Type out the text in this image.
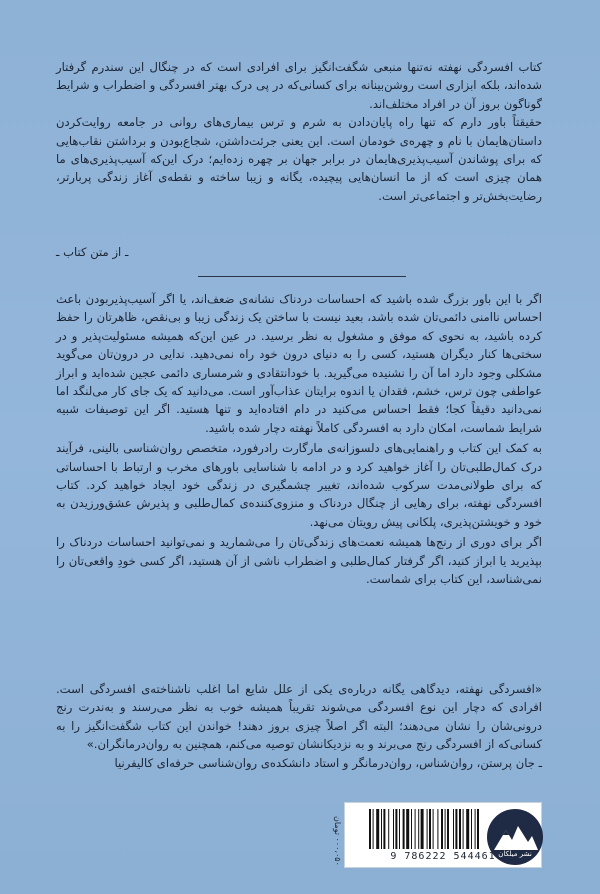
کتاب افسردگی نهفته نه‌تنها منبعی شگفت‌انگیز برای افرادی است که در چنگال این سندرم گرفتار شده‌اند، بلکه ابزاری است روشن‌بینانه برای کسانی‌که در پی درک بهتر افسردگی و اضطراب و شرایط گوناگون بروز آن در افراد مختلف‌اند.

حقیقتاً باور دارم که تنها راه پایان‌دادن به شرم و ترس بیماری‌های روانی در جامعه روایت‌کردن داستان‌هایمان با نام و چهره‌ی خودمان است. این یعنی جرئت‌داشتن، شجاع‌بودن و برداشتن نقاب‌هایی که برای پوشاندن آسیب‌پذیری‌هایمان در برابر جهان بر چهره زده‌ایم؛ درک این‌که آسیب‌پذیری‌های ما همان چیزی است که از ما انسان‌هایی پیچیده، یگانه و زیبا ساخته و نقطه‌ی آغاز زندگی پربارتر، رضایت‌بخش‌تر و اجتماعی‌تر است.

ـ از متن کتاب ـ

اگر با این باور بزرگ شده باشید که احساسات دردناک نشانه‌ی ضعف‌اند، یا اگر آسیب‌پذیربودن باعث احساس ناامنی دائمی‌تان شده باشد، بعید نیست با ساختن یک زندگی زیبا و بی‌نقص، ظاهرتان را حفظ کرده باشید، به نحوی که موفق و مشغول به نظر برسید. در عین این‌که همیشه مسئولیت‌پذیر و در سختی‌ها کنار دیگران هستید، کسی را به دنیای درون خود راه نمی‌دهید. ندایی در درون‌تان می‌گوید مشکلی وجود دارد اما آن را نشنیده می‌گیرید. با خودانتقادی و شرمساری دائمی عجین شده‌اید و ابراز عواطفی چون ترس، خشم، فقدان یا اندوه برایتان عذاب‌آور است. می‌دانید که یک جای کار می‌لنگد اما نمی‌دانید دقیقاً کجا؛ فقط احساس می‌کنید در دام افتاده‌اید و تنها هستید. اگر این توصیفات شبیه شرایط شماست، امکان دارد به افسردگی کاملاً نهفته دچار شده باشید.

به کمک این کتاب و راهنمایی‌های دلسوزانه‌ی مارگارت رادرفورد، متخصص روان‌شناسی بالینی، فرآیند درک کمال‌طلبی‌تان را آغاز خواهید کرد و در ادامه با شناسایی باورهای مخرب و ارتباط با احساساتی که برای طولانی‌مدت سرکوب شده‌اند، تغییر چشمگیری در زندگی خود ایجاد خواهید کرد. کتاب افسردگی نهفته، برای رهایی از چنگال دردناک و منزوی‌کننده‌ی کمال‌طلبی و پذیرش عشق‌ورزیدن به خود و خویشتن‌پذیری، پلکانی پیش رویتان می‌نهد.

اگر برای دوری از رنج‌ها همیشه نعمت‌های زندگی‌تان را می‌شمارید و نمی‌توانید احساسات دردناک را بپذیرید یا ابراز کنید، اگر گرفتار کمال‌طلبی و اضطراب ناشی از آن هستید، اگر کسی خودِ واقعی‌تان را نمی‌شناسد، این کتاب برای شماست.

«افسردگی نهفته، دیدگاهی یگانه درباره‌ی یکی از علل شایع اما اغلب ناشناخته‌ی افسردگی است. افرادی که دچار این نوع افسردگی می‌شوند تقریباً همیشه خوب به نظر می‌رسند و به‌ندرت رنج درونی‌شان را نشان می‌دهند؛ البته اگر اصلاً چیزی بروز دهند! خواندن این کتاب شگفت‌انگیز را به کسانی‌که از افسردگی رنج می‌برند و به نزدیکانشان توصیه می‌کنم، همچنین به روان‌درمانگران.»

ـ جان پرستن، روان‌شناس، روان‌درمانگر و استاد دانشکده‌ی روان‌شناسی حرفه‌ای کالیفرنیا

۰۰۰،۰۵۰ تومان	9 786222 544461 نشر میلکان
